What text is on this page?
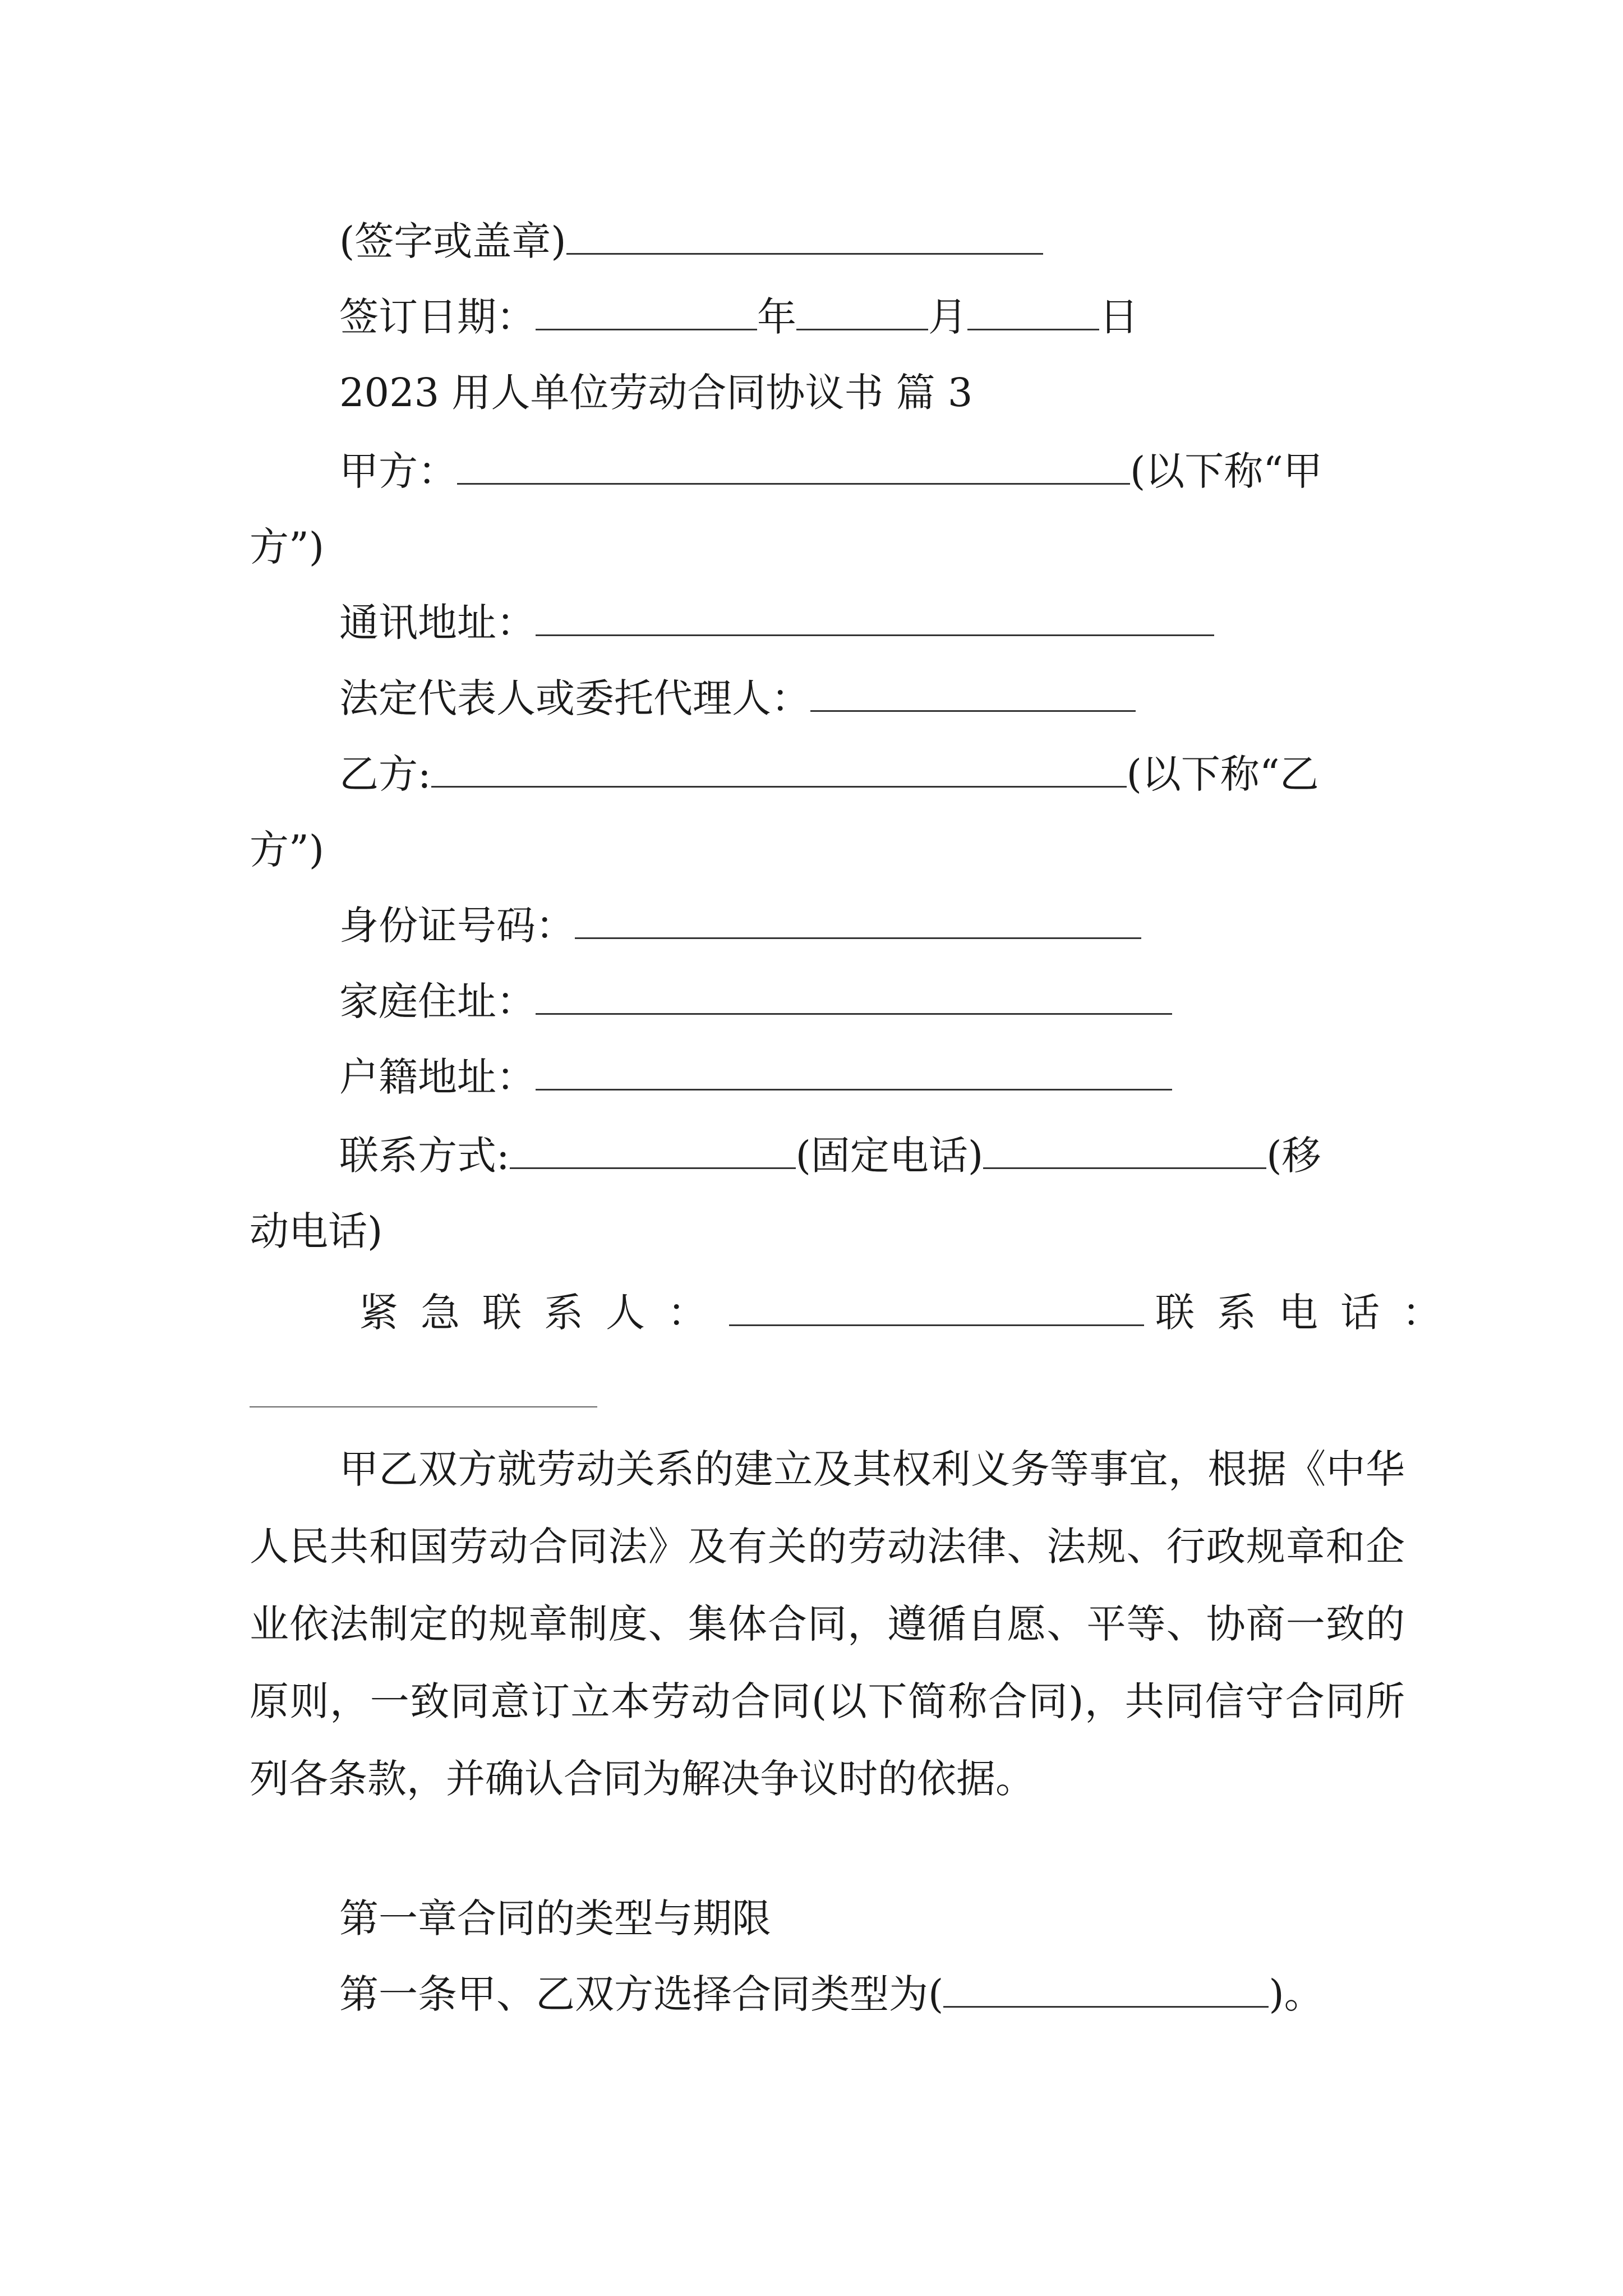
(签字或盖章)
签订日期：	年	月	日
2023 用人单位劳动合同协议书 篇 3
甲方：	(以下称“甲
方”)
通讯地址：
法定代表人或委托代理人：
乙方:	(以下称“乙
方”)
身份证号码：
家庭住址：
户籍地址：
联系方式:	(固定电话)	(移
动电话)
紧急联系人：	联系电话：
甲乙双方就劳动关系的建立及其权利义务等事宜，根据《中华人民共和国劳动合同法》及有关的劳动法律、法规、行政规章和企业依法制定的规章制度、集体合同，遵循自愿、平等、协商一致的原则，一致同意订立本劳动合同(以下简称合同)，共同信守合同所列各条款，并确认合同为解决争议时的依据。
第一章合同的类型与期限
第一条甲、乙双方选择合同类型为(	)。
